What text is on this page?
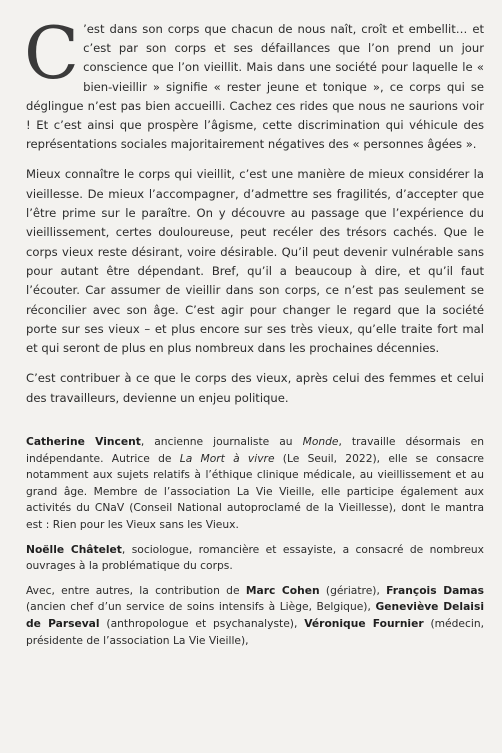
C ’est dans son corps que chacun de nous naît, croît et embellit… et c’est par son corps et ses défaillances que l’on prend un jour conscience que l’on vieillit. Mais dans une société pour laquelle le « bien-vieillir » signifie « rester jeune et tonique », ce corps qui se déglingue n’est pas bien accueilli. Cachez ces rides que nous ne saurions voir ! Et c’est ainsi que prospère l’âgisme, cette discrimination qui véhicule des représentations sociales majoritairement négatives des « personnes âgées ».

Mieux connaître le corps qui vieillit, c’est une manière de mieux considérer la vieillesse. De mieux l’accompagner, d’admettre ses fragilités, d’accepter que l’être prime sur le paraître. On y découvre au passage que l’expérience du vieillissement, certes douloureuse, peut recéler des trésors cachés. Que le corps vieux reste désirant, voire désirable. Qu’il peut devenir vulnérable sans pour autant être dépendant. Bref, qu’il a beaucoup à dire, et qu’il faut l’écouter. Car assumer de vieillir dans son corps, ce n’est pas seulement se réconcilier avec son âge. C’est agir pour changer le regard que la société porte sur ses vieux – et plus encore sur ses très vieux, qu’elle traite fort mal et qui seront de plus en plus nombreux dans les prochaines décennies.

C’est contribuer à ce que le corps des vieux, après celui des femmes et celui des travailleurs, devienne un enjeu politique.

Catherine Vincent, ancienne journaliste au Monde, travaille désormais en indépendante. Autrice de La Mort à vivre (Le Seuil, 2022), elle se consacre notamment aux sujets relatifs à l’éthique clinique médicale, au vieillissement et au grand âge. Membre de l’association La Vie Vieille, elle participe également aux activités du CNaV (Conseil National autoproclamé de la Vieillesse), dont le mantra est : Rien pour les Vieux sans les Vieux.

Noëlle Châtelet, sociologue, romancière et essayiste, a consacré de nombreux ouvrages à la problématique du corps.

Avec, entre autres, la contribution de Marc Cohen (gériatre), François Damas (ancien chef d’un service de soins intensifs à Liège, Belgique), Geneviève Delaisi de Parseval (anthropologue et psychanalyste), Véronique Fournier (médecin, présidente de l’association La Vie Vieille),
